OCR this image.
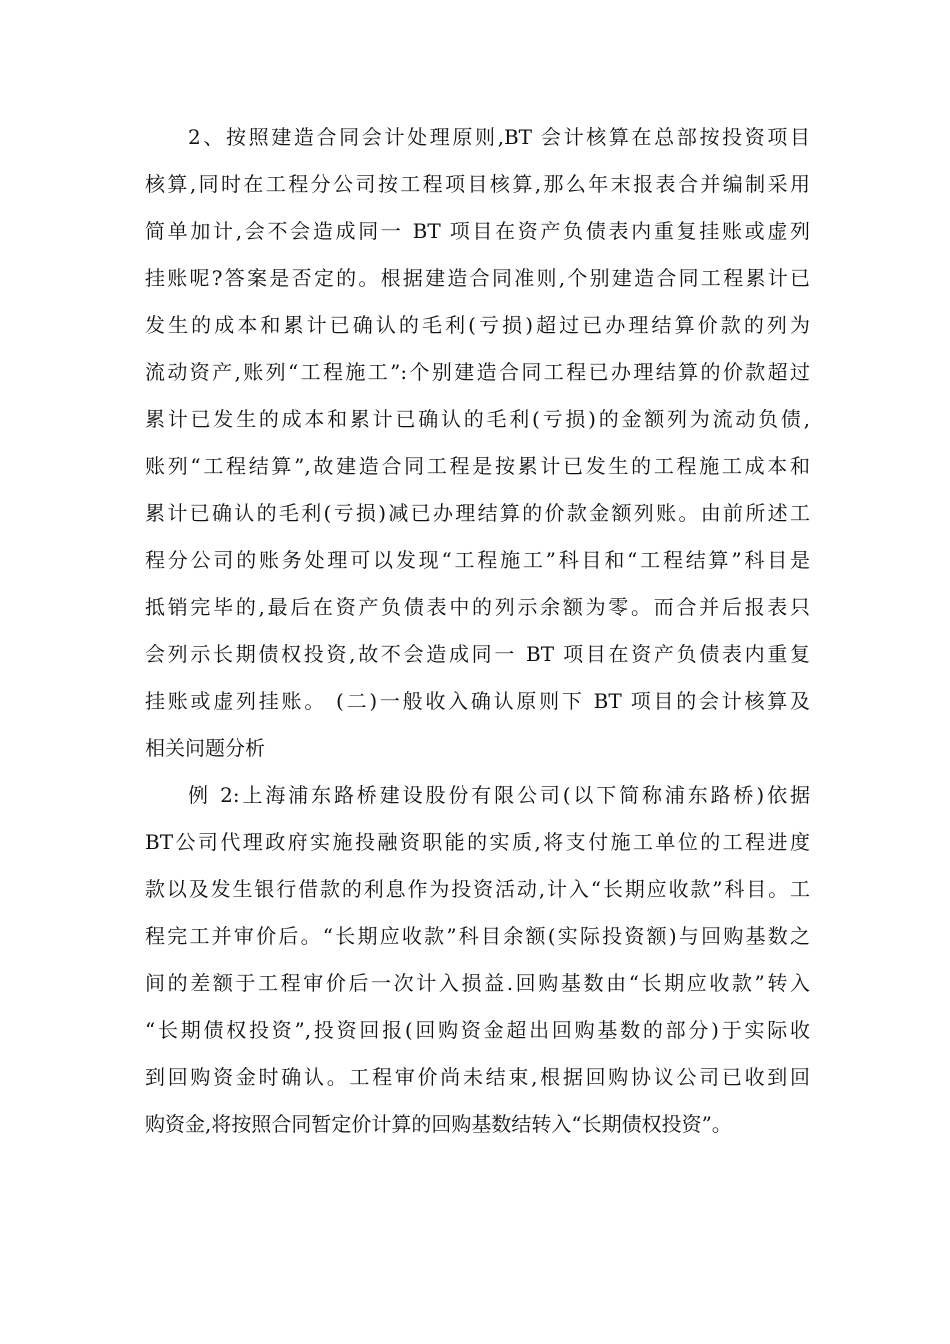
2、按照建造合同会计处理原则,BT 会计核算在总部按投资项目
核算,同时在工程分公司按工程项目核算,那么年末报表合并编制采用
简单加计,会不会造成同一 BT 项目在资产负债表内重复挂账或虚列
挂账呢?答案是否定的。根据建造合同准则,个别建造合同工程累计已
发生的成本和累计已确认的毛利(亏损)超过已办理结算价款的列为
流动资产,账列“工程施工”:个别建造合同工程已办理结算的价款超过
累计已发生的成本和累计已确认的毛利(亏损)的金额列为流动负债,
账列“工程结算”,故建造合同工程是按累计已发生的工程施工成本和
累计已确认的毛利(亏损)减已办理结算的价款金额列账。由前所述工
程分公司的账务处理可以发现“工程施工”科目和“工程结算”科目是
抵销完毕的,最后在资产负债表中的列示余额为零。而合并后报表只
会列示长期债权投资,故不会造成同一 BT 项目在资产负债表内重复
挂账或虚列挂账。 (二)一般收入确认原则下 BT 项目的会计核算及
相关问题分析
例 2:上海浦东路桥建设股份有限公司(以下简称浦东路桥)依据
BT公司代理政府实施投融资职能的实质,将支付施工单位的工程进度
款以及发生银行借款的利息作为投资活动,计入“长期应收款”科目。工
程完工并审价后。“长期应收款”科目余额(实际投资额)与回购基数之
间的差额于工程审价后一次计入损益.回购基数由“长期应收款”转入
“长期债权投资”,投资回报(回购资金超出回购基数的部分)于实际收
到回购资金时确认。工程审价尚未结束,根据回购协议公司已收到回
购资金,将按照合同暂定价计算的回购基数结转入“长期债权投资”。
